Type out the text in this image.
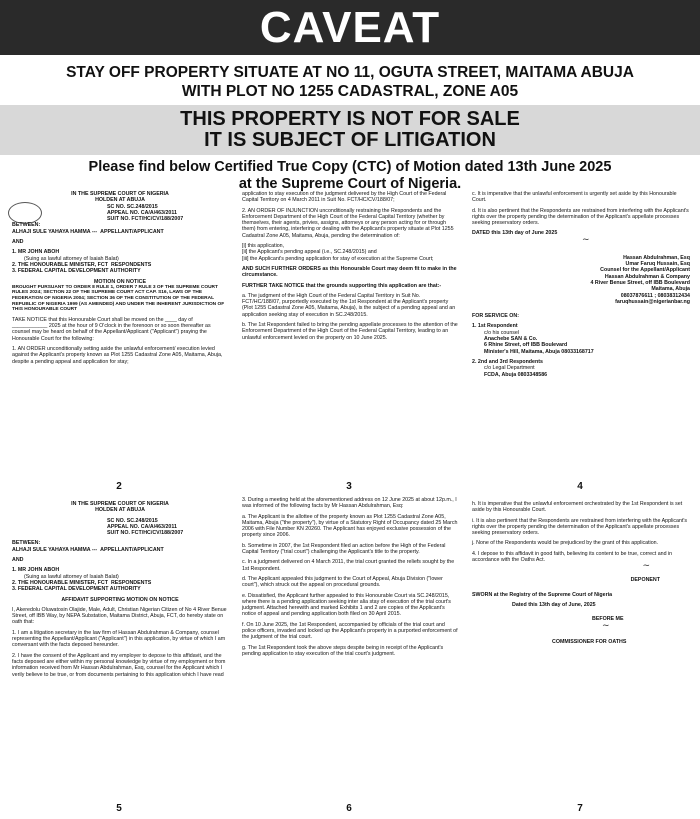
CAVEAT
STAY OFF PROPERTY SITUATE AT NO 11, OGUTA STREET, MAITAMA ABUJA
WITH PLOT NO 1255 CADASTRAL, ZONE A05
THIS PROPERTY IS NOT FOR SALE
IT IS SUBJECT OF LITIGATION
Please find below Certified True Copy (CTC) of Motion dated 13th June 2025
at the Supreme Court of Nigeria.
IN THE SUPREME COURT OF NIGERIA
HOLDEN AT ABUJA
SC NO. SC.248/2015
APPEAL NO. CA/A/463/2011
SUIT NO. FCT/HC/CV/188/2007
BETWEEN:
ALHAJI SULE YAHAYA HAMMA --- APPELLANT/APPLICANT
AND
1. MR JOHN ABOH
(Suing as lawful attorney of Isaiah Balat)
2. THE HONOURABLE MINISTER, FCT RESPONDENTS
3. FEDERAL CAPITAL DEVELOPMENT AUTHORITY
MOTION ON NOTICE
BROUGHT PURSUANT TO ORDER 8 RULE 1, ORDER 7 RULE 3 OF THE SUPREME COURT RULES 2024; SECTION 22 OF THE SUPREME COURT ACT CAP. S16, LAWS OF THE FEDERATION OF NIGERIA 2004; SECTION 36 OF THE CONSTITUTION OF THE FEDERAL REPUBLIC OF NIGERIA 1999 (AS AMENDED) AND UNDER THE INHERENT JURISDICTION OF THIS HONOURABLE COURT
TAKE NOTICE that this Honourable Court shall be moved on the ____ day of ____________ 2025 at the hour of 9 O'clock in the forenoon or so soon thereafter as counsel may be heard on behalf of the Appellant/Applicant ("Applicant") praying the Honourable Court for the following:
1. AN ORDER unconditionally setting aside the unlawful enforcement/ execution levied against the Applicant's property known as Plot 1255 Cadastral Zone A05, Maitama, Abuja, despite a pending appeal and application for stay;
2
application to stay execution of the judgment delivered by the High Court of the Federal Capital Territory on 4 March 2011 in Suit No. FCT/HC/CV/188/07;
2. AN ORDER OF INJUNCTION unconditionally restraining the Respondents and the Enforcement Department of the High Court of the Federal Capital Territory (whether by themselves, their agents, privies, assigns, attorneys or any person acting for or through them) from entering, interfering or dealing with the Applicant's property situate at Plot 1255 Cadastral Zone A05, Maitama, Abuja, pending the determination of:
[i] this application,
[ii] the Applicant's pending appeal (i.e., SC.248/2015) and
[iii] the Applicant's pending application for stay of execution at the Supreme Court;
AND SUCH FURTHER ORDERS as this Honourable Court may deem fit to make in the circumstance.
FURTHER TAKE NOTICE that the grounds supporting this application are that:-
a. The judgment of the High Court of the Federal Capital Territory in Suit No. FCT/HC/188/07, purportedly executed by the 1st Respondent at the Applicant's property (Plot 1255 Cadastral Zone A05, Maitama, Abuja), is the subject of a pending appeal and an application seeking stay of execution in SC.248/2015.
b. The 1st Respondent failed to bring the pending appellate processes to the attention of the Enforcement Department of the High Court of the Federal Capital Territory, leading to an unlawful enforcement levied on the property on 10 June 2025.
3
c. It is imperative that the unlawful enforcement is urgently set aside by this Honourable Court.
d. It is also pertinent that the Respondents are restrained from interfering with the Applicant's rights over the property pending the determination of the Applicant's appellate processes seeking preservatory orders.
DATED this 13th day of June 2025
~
Hassan Abdulrahman, Esq
Umar Faruq Hussain, Esq
Counsel for the Appellant/Applicant
Hassan Abdulrahman & Company
4 River Benue Street, off IBB Boulevard
Maitama, Abuja
08037876611 ; 08038312434
faruqhussain@nigerianbar.ng
FOR SERVICE ON:
1. 1st Respondent
c/o his counsel
Anachebe SAN & Co.
6 Rhine Street, off IBB Boulevard
Minister's Hill, Maitama, Abuja 08033168717
2. 2nd and 3rd Respondents
c/o Legal Department
FCDA, Abuja 0803348586
4
IN THE SUPREME COURT OF NIGERIA
HOLDEN AT ABUJA
SC NO. SC.248/2015
APPEAL NO. CA/A/463/2011
SUIT NO. FCT/HC/CV/188/2007
BETWEEN:
ALHAJI SULE YAHAYA HAMMA --- APPELLANT/APPLICANT
AND
1. MR JOHN ABOH
(Suing as lawful attorney of Isaiah Balat)
2. THE HONOURABLE MINISTER, FCT RESPONDENTS
3. FEDERAL CAPITAL DEVELOPMENT AUTHORITY
AFFIDAVIT SUPPORTING MOTION ON NOTICE
I, Akeredolu Oluwatosin Olajide, Male, Adult, Christian Nigerian Citizen of No 4 River Benue Street, off IBB Way, by NEPA Substation, Maitama District, Abuja, FCT, do hereby state on oath that:
1. I am a litigation secretary in the law firm of Hassan Abdulrahman & Company, counsel representing the Appellant/Applicant ("Applicant") in this application, by virtue of which I am conversant with the facts deposed hereunder.
2. I have the consent of the Applicant and my employer to depose to this affidavit, and the facts deposed are either within my personal knowledge by virtue of my employment or from information received from Mr Hassan Abdulrahman, Esq, counsel for the Applicant which I verily believe to be true, or from documents pertaining to this application which I have read
5
3. During a meeting held at the aforementioned address on 12 June 2025 at about 12p.m., I was informed of the following facts by Mr Hassan Abdulrahman, Esq:
a. The Applicant is the allottee of the property known as Plot 1255 Cadastral Zone A05, Maitama, Abuja ("the property"), by virtue of a Statutory Right of Occupancy dated 25 March 2006 with File Number KN 20260. The Applicant has enjoyed exclusive possession of the property since 2006.
b. Sometime in 2007, the 1st Respondent filed an action before the High of the Federal Capital Territory ("trial court") challenging the Applicant's title to the property.
c. In a judgment delivered on 4 March 2011, the trial court granted the reliefs sought by the 1st Respondent.
d. The Applicant appealed this judgment to the Court of Appeal, Abuja Division ("lower court"), which struck out the appeal on procedural grounds.
e. Dissatisfied, the Applicant further appealed to this Honourable Court via SC.248/2015, where there is a pending application seeking inter alia stay of execution of the trial court's judgment. Attached herewith and marked Exhibits 1 and 2 are copies of the Applicant's notice of appeal and pending application both filed on 30 April 2015.
f. On 10 June 2025, the 1st Respondent, accompanied by officials of the trial court and police officers, invaded and locked up the Applicant's property in a purported enforcement of the judgment of the trial court.
g. The 1st Respondent took the above steps despite being in receipt of the Applicant's pending application to stay execution of the trial court's judgment.
6
h. It is imperative that the unlawful enforcement orchestrated by the 1st Respondent is set aside by this Honourable Court.
i. It is also pertinent that the Respondents are restrained from interfering with the Applicant's rights over the property pending the determination of the Applicant's appellate processes seeking preservatory orders.
j. None of the Respondents would be prejudiced by the grant of this application.
4. I depose to this affidavit in good faith, believing its content to be true, correct and in accordance with the Oaths Act.
~
DEPONENT
SWORN at the Registry of the Supreme Court of Nigeria
Dated this 13th day of June, 2025
BEFORE ME
~
COMMISSIONER FOR OATHS
7
